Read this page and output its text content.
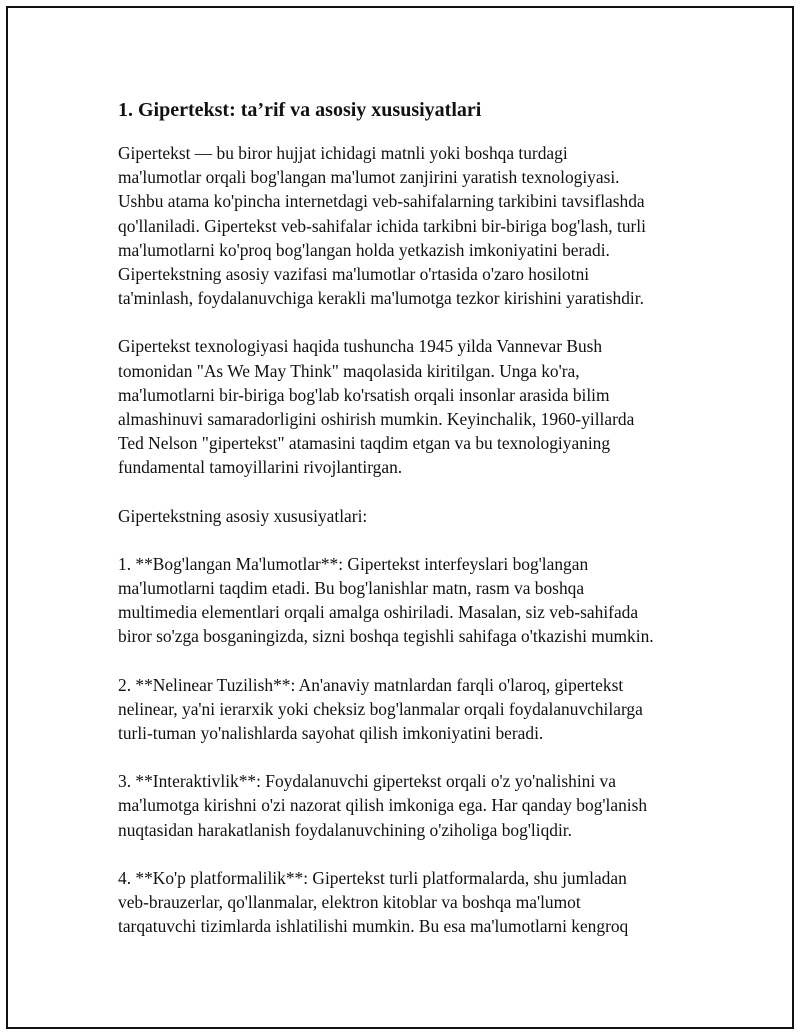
1. Gipertekst: ta’rif va asosiy xususiyatlari

Gipertekst — bu biror hujjat ichidagi matnli yoki boshqa turdagi
ma'lumotlar orqali bog'langan ma'lumot zanjirini yaratish texnologiyasi.
Ushbu atama ko'pincha internetdagi veb-sahifalarning tarkibini tavsiflashda
qo'llaniladi. Gipertekst veb-sahifalar ichida tarkibni bir-biriga bog'lash, turli
ma'lumotlarni ko'proq bog'langan holda yetkazish imkoniyatini beradi.
Gipertekstning asosiy vazifasi ma'lumotlar o'rtasida o'zaro hosilotni
ta'minlash, foydalanuvchiga kerakli ma'lumotga tezkor kirishini yaratishdir.

Gipertekst texnologiyasi haqida tushuncha 1945 yilda Vannevar Bush
tomonidan "As We May Think" maqolasida kiritilgan. Unga ko'ra,
ma'lumotlarni bir-biriga bog'lab ko'rsatish orqali insonlar arasida bilim
almashinuvi samaradorligini oshirish mumkin. Keyinchalik, 1960-yillarda
Ted Nelson "gipertekst" atamasini taqdim etgan va bu texnologiyaning
fundamental tamoyillarini rivojlantirgan.

Gipertekstning asosiy xususiyatlari:

1. **Bog'langan Ma'lumotlar**: Gipertekst interfeyslari bog'langan
ma'lumotlarni taqdim etadi. Bu bog'lanishlar matn, rasm va boshqa
multimedia elementlari orqali amalga oshiriladi. Masalan, siz veb-sahifada
biror so'zga bosganingizda, sizni boshqa tegishli sahifaga o'tkazishi mumkin.

2. **Nelinear Tuzilish**: An'anaviy matnlardan farqli o'laroq, gipertekst
nelinear, ya'ni ierarxik yoki cheksiz bog'lanmalar orqali foydalanuvchilarga
turli-tuman yo'nalishlarda sayohat qilish imkoniyatini beradi.

3. **Interaktivlik**: Foydalanuvchi gipertekst orqali o'z yo'nalishini va
ma'lumotga kirishni o'zi nazorat qilish imkoniga ega. Har qanday bog'lanish
nuqtasidan harakatlanish foydalanuvchining o'ziholiga bog'liqdir.

4. **Ko'p platformalilik**: Gipertekst turli platformalarda, shu jumladan
veb-brauzerlar, qo'llanmalar, elektron kitoblar va boshqa ma'lumot
tarqatuvchi tizimlarda ishlatilishi mumkin. Bu esa ma'lumotlarni kengroq
